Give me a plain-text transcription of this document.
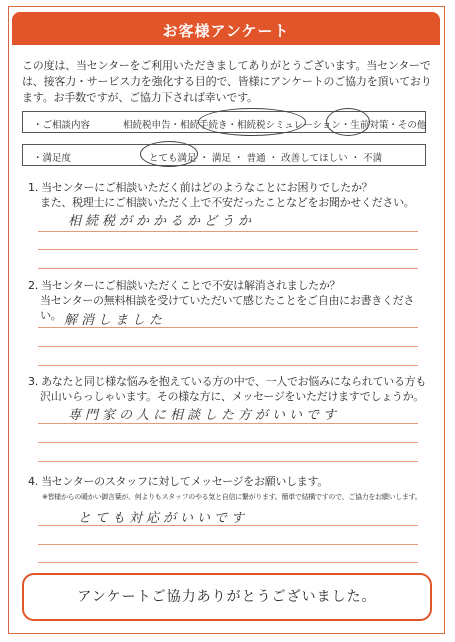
お客様アンケート
この度は、当センターをご利用いただきましてありがとうございます。当センターでは、接客力・サービス力を強化する目的で、皆様にアンケートのご協力を頂いております。お手数ですが、ご協力下されば幸いです。
・ご相談内容	相続税申告・相続手続き・相続税シミュレーション・生前対策・その他
・満足度	とても満足 ・ 満足 ・ 普通 ・ 改善してほしい ・ 不満
1. 当センターにご相談いただく前はどのようなことにお困りでしたか？
また、税理士にご相談いただく上で不安だったことなどをお聞かせください。
相続税がかかるかどうか
2. 当センターにご相談いただくことで不安は解消されましたか？
当センターの無料相談を受けていただいて感じたことをご自由にお書きください。 解消しました
3. あなたと同じ様な悩みを抱えている方の中で、一人でお悩みになられている方も
沢山いらっしゃいます。その様な方に、メッセージをいただけますでしょうか。
専門家の人に相談した方がいいです
4. 当センターのスタッフに対してメッセージをお願いします。
※皆様からの暖かい御言葉が、何よりもスタッフのやる気と自信に繋がります。簡単で結構ですので、ご協力をお願いします。
とても対応がいいです
アンケートご協力ありがとうございました。
